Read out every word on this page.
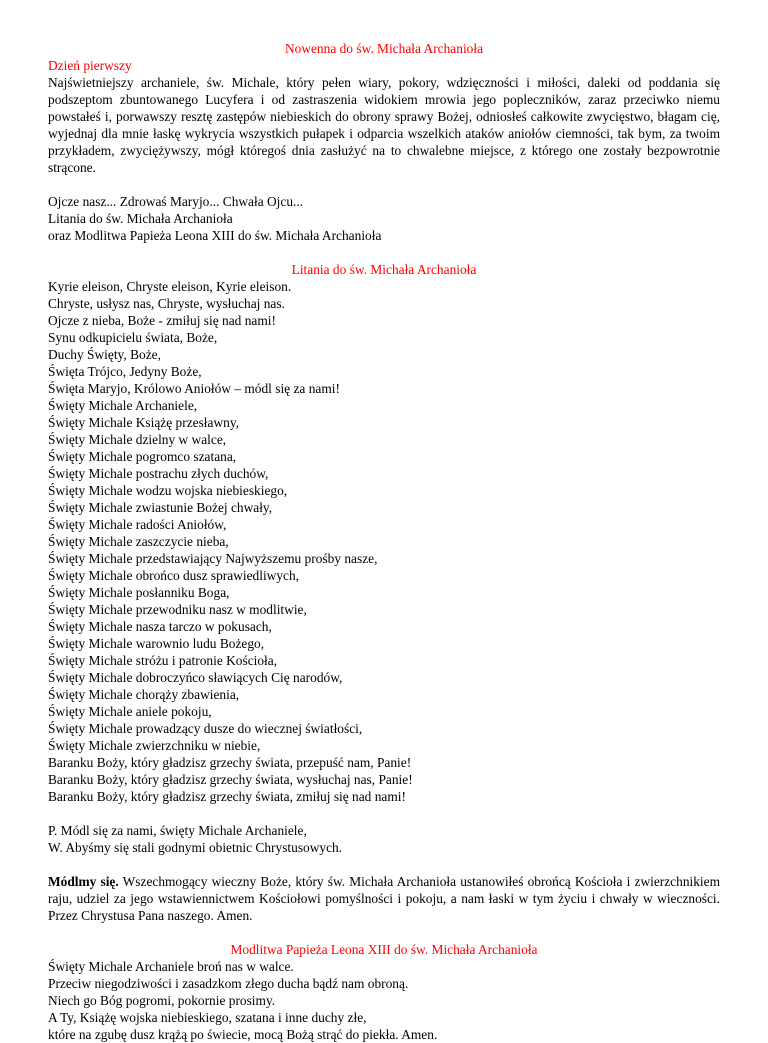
Nowenna do św. Michała Archanioła
Dzień pierwszy
Najświetniejszy archaniele, św. Michale, który pełen wiary, pokory, wdzięczności i miłości, daleki od poddania się podszeptom zbuntowanego Lucyfera i od zastraszenia widokiem mrowia jego popleczników, zaraz przeciwko niemu powstałeś i, porwawszy resztę zastępów niebieskich do obrony sprawy Bożej, odniosłeś całkowite zwycięstwo, błagam cię, wyjednaj dla mnie łaskę wykrycia wszystkich pułapek i odparcia wszelkich ataków aniołów ciemności, tak bym, za twoim przykładem, zwyciężywszy, mógł któregoś dnia zasłużyć na to chwalebne miejsce, z którego one zostały bezpowrotnie strącone.
Ojcze nasz... Zdrowaś Maryjo... Chwała Ojcu...
Litania do św. Michała Archanioła
oraz Modlitwa Papieża Leona XIII do św. Michała Archanioła
Litania do św. Michała Archanioła
Kyrie eleison, Chryste eleison, Kyrie eleison.
Chryste, usłysz nas, Chryste, wysłuchaj nas.
Ojcze z nieba, Boże - zmiłuj się nad nami!
Synu odkupicielu świata, Boże,
Duchy Święty, Boże,
Święta Trójco, Jedyny Boże,
Święta Maryjo, Królowo Aniołów – módl się za nami!
Święty Michale Archaniele,
Święty Michale Książę przesławny,
Święty Michale dzielny w walce,
Święty Michale pogromco szatana,
Święty Michale postrachu złych duchów,
Święty Michale wodzu wojska niebieskiego,
Święty Michale zwiastunie Bożej chwały,
Święty Michale radości Aniołów,
Święty Michale zaszczycie nieba,
Święty Michale przedstawiający Najwyższemu prośby nasze,
Święty Michale obrońco dusz sprawiedliwych,
Święty Michale posłanniku Boga,
Święty Michale przewodniku nasz w modlitwie,
Święty Michale nasza tarczo w pokusach,
Święty Michale warownio ludu Bożego,
Święty Michale stróżu i patronie Kościoła,
Święty Michale dobroczyńco sławiących Cię narodów,
Święty Michale chorąży zbawienia,
Święty Michale aniele pokoju,
Święty Michale prowadzący dusze do wiecznej światłości,
Święty Michale zwierzchniku w niebie,
Baranku Boży, który gładzisz grzechy świata, przepuść nam, Panie!
Baranku Boży, który gładzisz grzechy świata, wysłuchaj nas, Panie!
Baranku Boży, który gładzisz grzechy świata, zmiłuj się nad nami!
P. Módl się za nami, święty Michale Archaniele,
W. Abyśmy się stali godnymi obietnic Chrystusowych.
Módlmy się. Wszechmogący wieczny Boże, który św. Michała Archanioła ustanowiłeś obrońcą Kościoła i zwierzchnikiem raju, udziel za jego wstawiennictwem Kościołowi pomyślności i pokoju, a nam łaski w tym życiu i chwały w wieczności. Przez Chrystusa Pana naszego. Amen.
Modlitwa Papieża Leona XIII do św. Michała Archanioła
Święty Michale Archaniele broń nas w walce.
Przeciw niegodziwości i zasadzkom złego ducha bądź nam obroną.
Niech go Bóg pogromi, pokornie prosimy.
A Ty, Książę wojska niebieskiego, szatana i inne duchy złe,
które na zgubę dusz krążą po świecie, mocą Bożą strąć do piekła. Amen.
